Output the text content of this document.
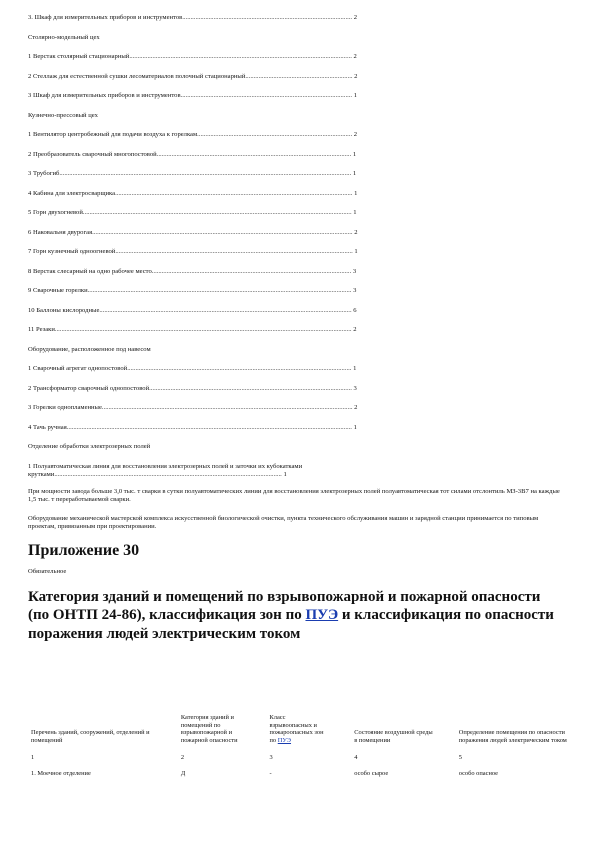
3. Шкаф для измерительных приборов и инструментов....................................................................................................... 2

Столярно-модельный цех

1 Верстак столярный стационарный....................................................................................................................................... 2

2 Стеллаж для естественной сушки лесоматериалов полочный стационарный................................................................. 2

3 Шкаф для измерительных приборов и инструментов........................................................................................................ 1

Кузнечно-прессовый цех

1 Вентилятор центробежный для подачи воздуха к горелкам.............................................................................................. 2

2 Преобразователь сварочный многопостовой...................................................................................................................... 1

3 Трубогиб................................................................................................................................................................................. 1

4 Кабина для электросварщика................................................................................................................................................ 1

5 Горн двухогневой................................................................................................................................................................... 1

6 Наковальня двурогая.............................................................................................................................................................. 2

7 Горн кузнечный одноогневой................................................................................................................................................ 1

8 Верстак слесарный на одно рабочее место......................................................................................................................... 3

9 Сварочные горелки................................................................................................................................................................ 3

10 Баллоны кислородные......................................................................................................................................................... 6

11 Резаки.................................................................................................................................................................................... 2

Оборудование, расположенное под навесом

1 Сварочный агрегат однопостовой........................................................................................................................................ 1

2 Трансформатор сварочный однопостовой........................................................................................................................... 3

3 Горелки однопламенные........................................................................................................................................................ 2

4 Тачь ручная............................................................................................................................................................................. 1

Отделение обработки электрозерных полей

1 Полуавтоматическая линия для восстановления электрозерных полей и заточки их кубокатками

крутками.......................................................................................................................................... 1

При мощности завода больше 3,0 тыс. т сварки в сутки полуавтоматических линии для восстановления электрозерных полей полуавтоматическая тот силами отслонтиль МЗ-3В7 на каждые 1,5 тыс. т переработываемой сварки.

Оборудование механической мастерской комплекса искусственной биологической очистки, пункта технического обслуживания машин и зарядной станции принимается по типовым проектам, привязанным при проектировании.

Приложение 30

Обязательное

Категория зданий и помещений по взрывопожарной и пожарной опасности (по ОНТП 24-86), классификация зон по ПУЭ и классификация по опасности поражения людей электрическим током

Перечень зданий, сооружений, отделений и помещений	Категория зданий и помещений по взрывопожарной и пожарной опасности	Класс взрывоопасных и пожароопасных зон по ПУЭ	Состояние воздушной среды в помещении	Определение помещения по опасности поражения людей электрическим током
1	2	3	4	5
1. Моечное отделение	Д	-	особо сырое	особо опасное
